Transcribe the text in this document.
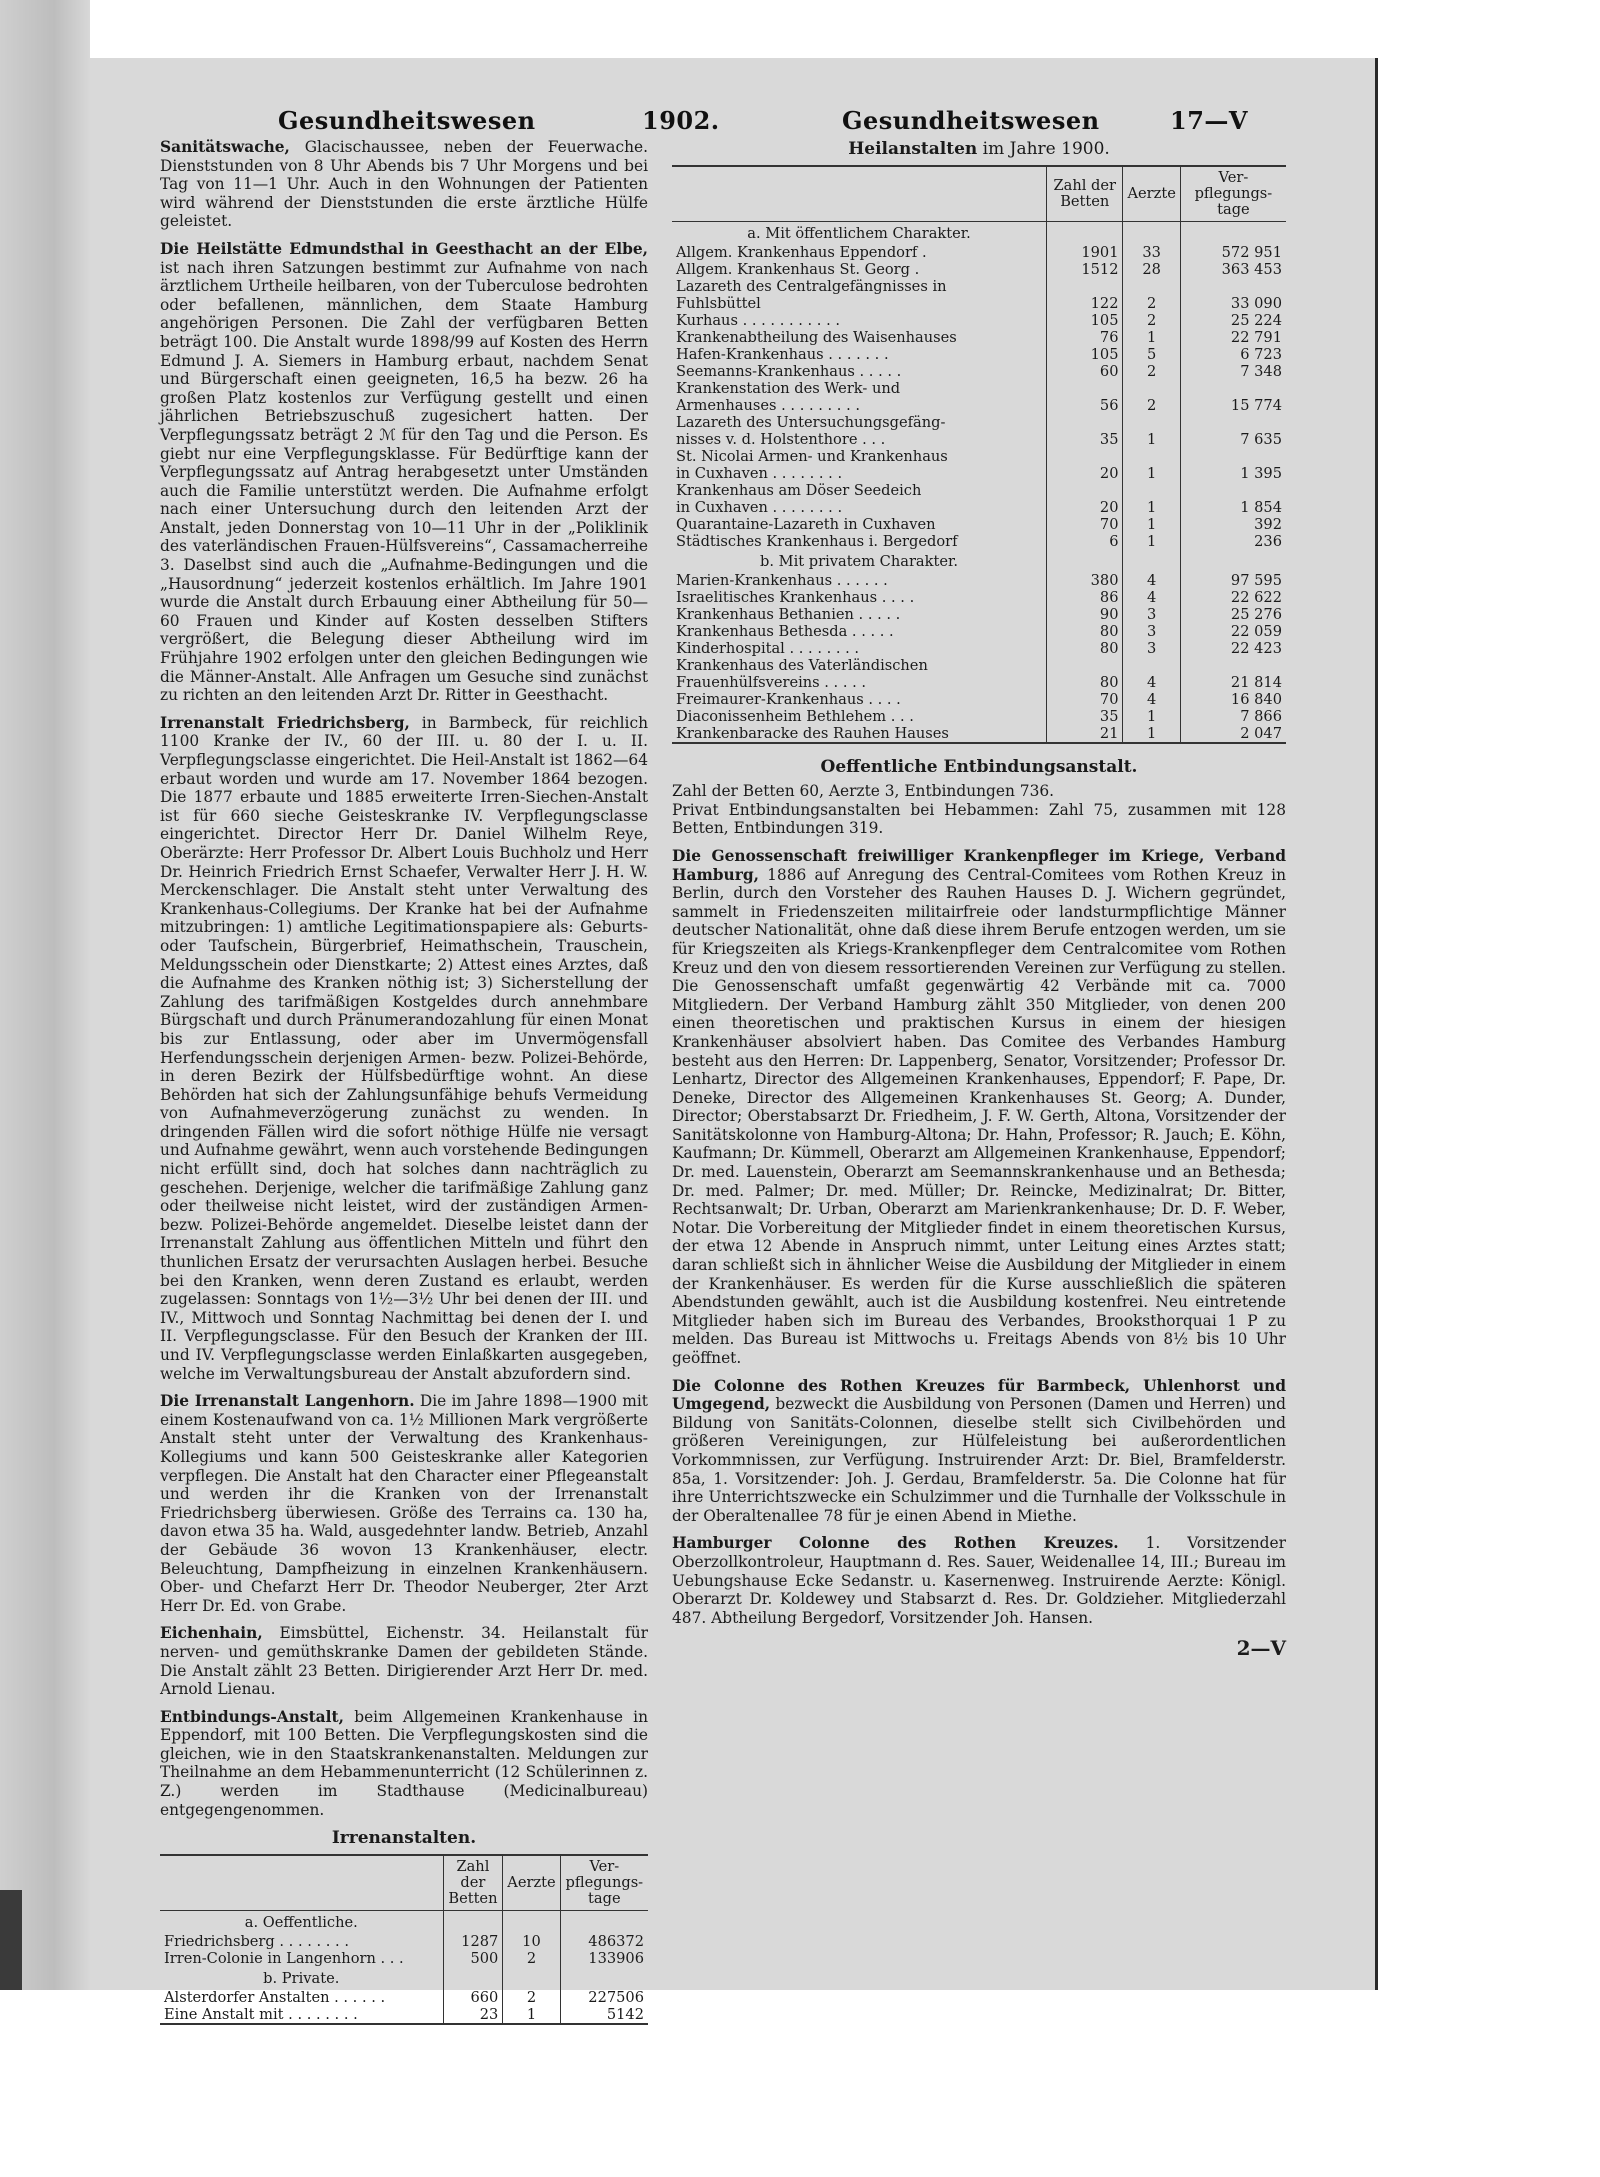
Gesundheitswesen	1902.	Gesundheitswesen	17—V

Sanitätswache, Glacischaussee, neben der Feuerwache. Dienststunden von 8 Uhr Abends bis 7 Uhr Morgens und bei Tag von 11—1 Uhr. Auch in den Wohnungen der Patienten wird während der Dienststunden die erste ärztliche Hülfe geleistet.

Die Heilstätte Edmundsthal in Geesthacht an der Elbe, ist nach ihren Satzungen bestimmt zur Aufnahme von nach ärztlichem Urtheile heilbaren, von der Tuberculose bedrohten oder befallenen, männlichen, dem Staate Hamburg angehörigen Personen. Die Zahl der verfügbaren Betten beträgt 100. Die Anstalt wurde 1898/99 auf Kosten des Herrn Edmund J. A. Siemers in Hamburg erbaut, nachdem Senat und Bürgerschaft einen geeigneten, 16,5 ha bezw. 26 ha großen Platz kostenlos zur Verfügung gestellt und einen jährlichen Betriebszuschuß zugesichert hatten. Der Verpflegungssatz beträgt 2 ℳ für den Tag und die Person. Es giebt nur eine Verpflegungsklasse. Für Bedürftige kann der Verpflegungssatz auf Antrag herabgesetzt unter Umständen auch die Familie unterstützt werden. Die Aufnahme erfolgt nach einer Untersuchung durch den leitenden Arzt der Anstalt, jeden Donnerstag von 10—11 Uhr in der „Poliklinik des vaterländischen Frauen-Hülfsvereins“, Cassamacherreihe 3. Daselbst sind auch die „Aufnahme-Bedingungen und die „Hausordnung“ jederzeit kostenlos erhältlich. Im Jahre 1901 wurde die Anstalt durch Erbauung einer Abtheilung für 50—60 Frauen und Kinder auf Kosten desselben Stifters vergrößert, die Belegung dieser Abtheilung wird im Frühjahre 1902 erfolgen unter den gleichen Bedingungen wie die Männer-Anstalt. Alle Anfragen um Gesuche sind zunächst zu richten an den leitenden Arzt Dr. Ritter in Geesthacht.

Irrenanstalt Friedrichsberg, in Barmbeck, für reichlich 1100 Kranke der IV., 60 der III. u. 80 der I. u. II. Verpflegungsclasse eingerichtet. Die Heil-Anstalt ist 1862—64 erbaut worden und wurde am 17. November 1864 bezogen. Die 1877 erbaute und 1885 erweiterte Irren-Siechen-Anstalt ist für 660 sieche Geisteskranke IV. Verpflegungsclasse eingerichtet. Director Herr Dr. Daniel Wilhelm Reye, Oberärzte: Herr Professor Dr. Albert Louis Buchholz und Herr Dr. Heinrich Friedrich Ernst Schaefer, Verwalter Herr J. H. W. Merckenschlager. Die Anstalt steht unter Verwaltung des Krankenhaus-Collegiums. Der Kranke hat bei der Aufnahme mitzubringen: 1) amtliche Legitimationspapiere als: Geburts- oder Taufschein, Bürgerbrief, Heimathschein, Trauschein, Meldungsschein oder Dienstkarte; 2) Attest eines Arztes, daß die Aufnahme des Kranken nöthig ist; 3) Sicherstellung der Zahlung des tarifmäßigen Kostgeldes durch annehmbare Bürgschaft und durch Pränumerandozahlung für einen Monat bis zur Entlassung, oder aber im Unvermögensfall Herfendungsschein derjenigen Armen- bezw. Polizei-Behörde, in deren Bezirk der Hülfsbedürftige wohnt. An diese Behörden hat sich der Zahlungsunfähige behufs Vermeidung von Aufnahmeverzögerung zunächst zu wenden. In dringenden Fällen wird die sofort nöthige Hülfe nie versagt und Aufnahme gewährt, wenn auch vorstehende Bedingungen nicht erfüllt sind, doch hat solches dann nachträglich zu geschehen. Derjenige, welcher die tarifmäßige Zahlung ganz oder theilweise nicht leistet, wird der zuständigen Armen- bezw. Polizei-Behörde angemeldet. Dieselbe leistet dann der Irrenanstalt Zahlung aus öffentlichen Mitteln und führt den thunlichen Ersatz der verursachten Auslagen herbei. Besuche bei den Kranken, wenn deren Zustand es erlaubt, werden zugelassen: Sonntags von 1½—3½ Uhr bei denen der III. und IV., Mittwoch und Sonntag Nachmittag bei denen der I. und II. Verpflegungsclasse. Für den Besuch der Kranken der III. und IV. Verpflegungsclasse werden Einlaßkarten ausgegeben, welche im Verwaltungsbureau der Anstalt abzufordern sind.

Die Irrenanstalt Langenhorn. Die im Jahre 1898—1900 mit einem Kostenaufwand von ca. 1½ Millionen Mark vergrößerte Anstalt steht unter der Verwaltung des Krankenhaus-Kollegiums und kann 500 Geisteskranke aller Kategorien verpflegen. Die Anstalt hat den Character einer Pflegeanstalt und werden ihr die Kranken von der Irrenanstalt Friedrichsberg überwiesen. Größe des Terrains ca. 130 ha, davon etwa 35 ha. Wald, ausgedehnter landw. Betrieb, Anzahl der Gebäude 36 wovon 13 Krankenhäuser, electr. Beleuchtung, Dampfheizung in einzelnen Krankenhäusern. Ober- und Chefarzt Herr Dr. Theodor Neuberger, 2ter Arzt Herr Dr. Ed. von Grabe.

Eichenhain, Eimsbüttel, Eichenstr. 34. Heilanstalt für nerven- und gemüthskranke Damen der gebildeten Stände. Die Anstalt zählt 23 Betten. Dirigierender Arzt Herr Dr. med. Arnold Lienau.

Entbindungs-Anstalt, beim Allgemeinen Krankenhause in Eppendorf, mit 100 Betten. Die Verpflegungskosten sind die gleichen, wie in den Staatskrankenanstalten. Meldungen zur Theilnahme an dem Hebammenunterricht (12 Schülerinnen z. Z.) werden im Stadthause (Medicinalbureau) entgegengenommen.

Irrenanstalten.
	Zahl der Betten	Aerzte	Ver- pflegungs- tage
a. Oeffentliche.			
Friedrichsberg . . . . . . . .	1287	10	486372
Irren-Colonie in Langenhorn . . .	500	2	133906
b. Private.			
Alsterdorfer Anstalten . . . . . .	660	2	227506
Eine Anstalt mit . . . . . . . .	23	1	5142
Heilanstalten im Jahre 1900.
	Zahl der Betten	Aerzte	Ver- pflegungs- tage
a. Mit öffentlichem Charakter.			
Allgem. Krankenhaus Eppendorf .	1901	33	572 951
Allgem. Krankenhaus St. Georg .	1512	28	363 453
Lazareth des Centralgefängnisses in			
Fuhlsbüttel	122	2	33 090
Kurhaus . . . . . . . . . . .	105	2	25 224
Krankenabtheilung des Waisenhauses	76	1	22 791
Hafen-Krankenhaus . . . . . . .	105	5	6 723
Seemanns-Krankenhaus . . . . .	60	2	7 348
Krankenstation des Werk- und			
Armenhauses . . . . . . . . .	56	2	15 774
Lazareth des Untersuchungsgefäng-			
nisses v. d. Holstenthore . . .	35	1	7 635
St. Nicolai Armen- und Krankenhaus			
in Cuxhaven . . . . . . . .	20	1	1 395
Krankenhaus am Döser Seedeich			
in Cuxhaven . . . . . . . .	20	1	1 854
Quarantaine-Lazareth in Cuxhaven	70	1	392
Städtisches Krankenhaus i. Bergedorf	6	1	236
b. Mit privatem Charakter.			
Marien-Krankenhaus . . . . . .	380	4	97 595
Israelitisches Krankenhaus . . . .	86	4	22 622
Krankenhaus Bethanien . . . . .	90	3	25 276
Krankenhaus Bethesda . . . . .	80	3	22 059
Kinderhospital . . . . . . . .	80	3	22 423
Krankenhaus des Vaterländischen			
Frauenhülfsvereins . . . . .	80	4	21 814
Freimaurer-Krankenhaus . . . .	70	4	16 840
Diaconissenheim Bethlehem . . .	35	1	7 866
Krankenbaracke des Rauhen Hauses	21	1	2 047
Oeffentliche Entbindungsanstalt.

Zahl der Betten 60, Aerzte 3, Entbindungen 736.

Privat Entbindungsanstalten bei Hebammen: Zahl 75, zusammen mit 128 Betten, Entbindungen 319.

Die Genossenschaft freiwilliger Krankenpfleger im Kriege, Verband Hamburg, 1886 auf Anregung des Central-Comitees vom Rothen Kreuz in Berlin, durch den Vorsteher des Rauhen Hauses D. J. Wichern gegründet, sammelt in Friedenszeiten militairfreie oder landsturmpflichtige Männer deutscher Nationalität, ohne daß diese ihrem Berufe entzogen werden, um sie für Kriegszeiten als Kriegs-Krankenpfleger dem Centralcomitee vom Rothen Kreuz und den von diesem ressortierenden Vereinen zur Verfügung zu stellen. Die Genossenschaft umfaßt gegenwärtig 42 Verbände mit ca. 7000 Mitgliedern. Der Verband Hamburg zählt 350 Mitglieder, von denen 200 einen theoretischen und praktischen Kursus in einem der hiesigen Krankenhäuser absolviert haben. Das Comitee des Verbandes Hamburg besteht aus den Herren: Dr. Lappenberg, Senator, Vorsitzender; Professor Dr. Lenhartz, Director des Allgemeinen Krankenhauses, Eppendorf; F. Pape, Dr. Deneke, Director des Allgemeinen Krankenhauses St. Georg; A. Dunder, Director; Oberstabsarzt Dr. Friedheim, J. F. W. Gerth, Altona, Vorsitzender der Sanitätskolonne von Hamburg-Altona; Dr. Hahn, Professor; R. Jauch; E. Köhn, Kaufmann; Dr. Kümmell, Oberarzt am Allgemeinen Krankenhause, Eppendorf; Dr. med. Lauenstein, Oberarzt am Seemannskrankenhause und an Bethesda; Dr. med. Palmer; Dr. med. Müller; Dr. Reincke, Medizinalrat; Dr. Bitter, Rechtsanwalt; Dr. Urban, Oberarzt am Marienkrankenhause; Dr. D. F. Weber, Notar. Die Vorbereitung der Mitglieder findet in einem theoretischen Kursus, der etwa 12 Abende in Anspruch nimmt, unter Leitung eines Arztes statt; daran schließt sich in ähnlicher Weise die Ausbildung der Mitglieder in einem der Krankenhäuser. Es werden für die Kurse ausschließlich die späteren Abendstunden gewählt, auch ist die Ausbildung kostenfrei. Neu eintretende Mitglieder haben sich im Bureau des Verbandes, Brooksthorquai 1 P zu melden. Das Bureau ist Mittwochs u. Freitags Abends von 8½ bis 10 Uhr geöffnet.

Die Colonne des Rothen Kreuzes für Barmbeck, Uhlenhorst und Umgegend, bezweckt die Ausbildung von Personen (Damen und Herren) und Bildung von Sanitäts-Colonnen, dieselbe stellt sich Civilbehörden und größeren Vereinigungen, zur Hülfeleistung bei außerordentlichen Vorkommnissen, zur Verfügung. Instruirender Arzt: Dr. Biel, Bramfelderstr. 85a, 1. Vorsitzender: Joh. J. Gerdau, Bramfelderstr. 5a. Die Colonne hat für ihre Unterrichtszwecke ein Schulzimmer und die Turnhalle der Volksschule in der Oberaltenallee 78 für je einen Abend in Miethe.

Hamburger Colonne des Rothen Kreuzes. 1. Vorsitzender Oberzollkontroleur, Hauptmann d. Res. Sauer, Weidenallee 14, III.; Bureau im Uebungshause Ecke Sedanstr. u. Kasernenweg. Instruirende Aerzte: Königl. Oberarzt Dr. Koldewey und Stabsarzt d. Res. Dr. Goldzieher. Mitgliederzahl 487. Abtheilung Bergedorf, Vorsitzender Joh. Hansen.

2—V
